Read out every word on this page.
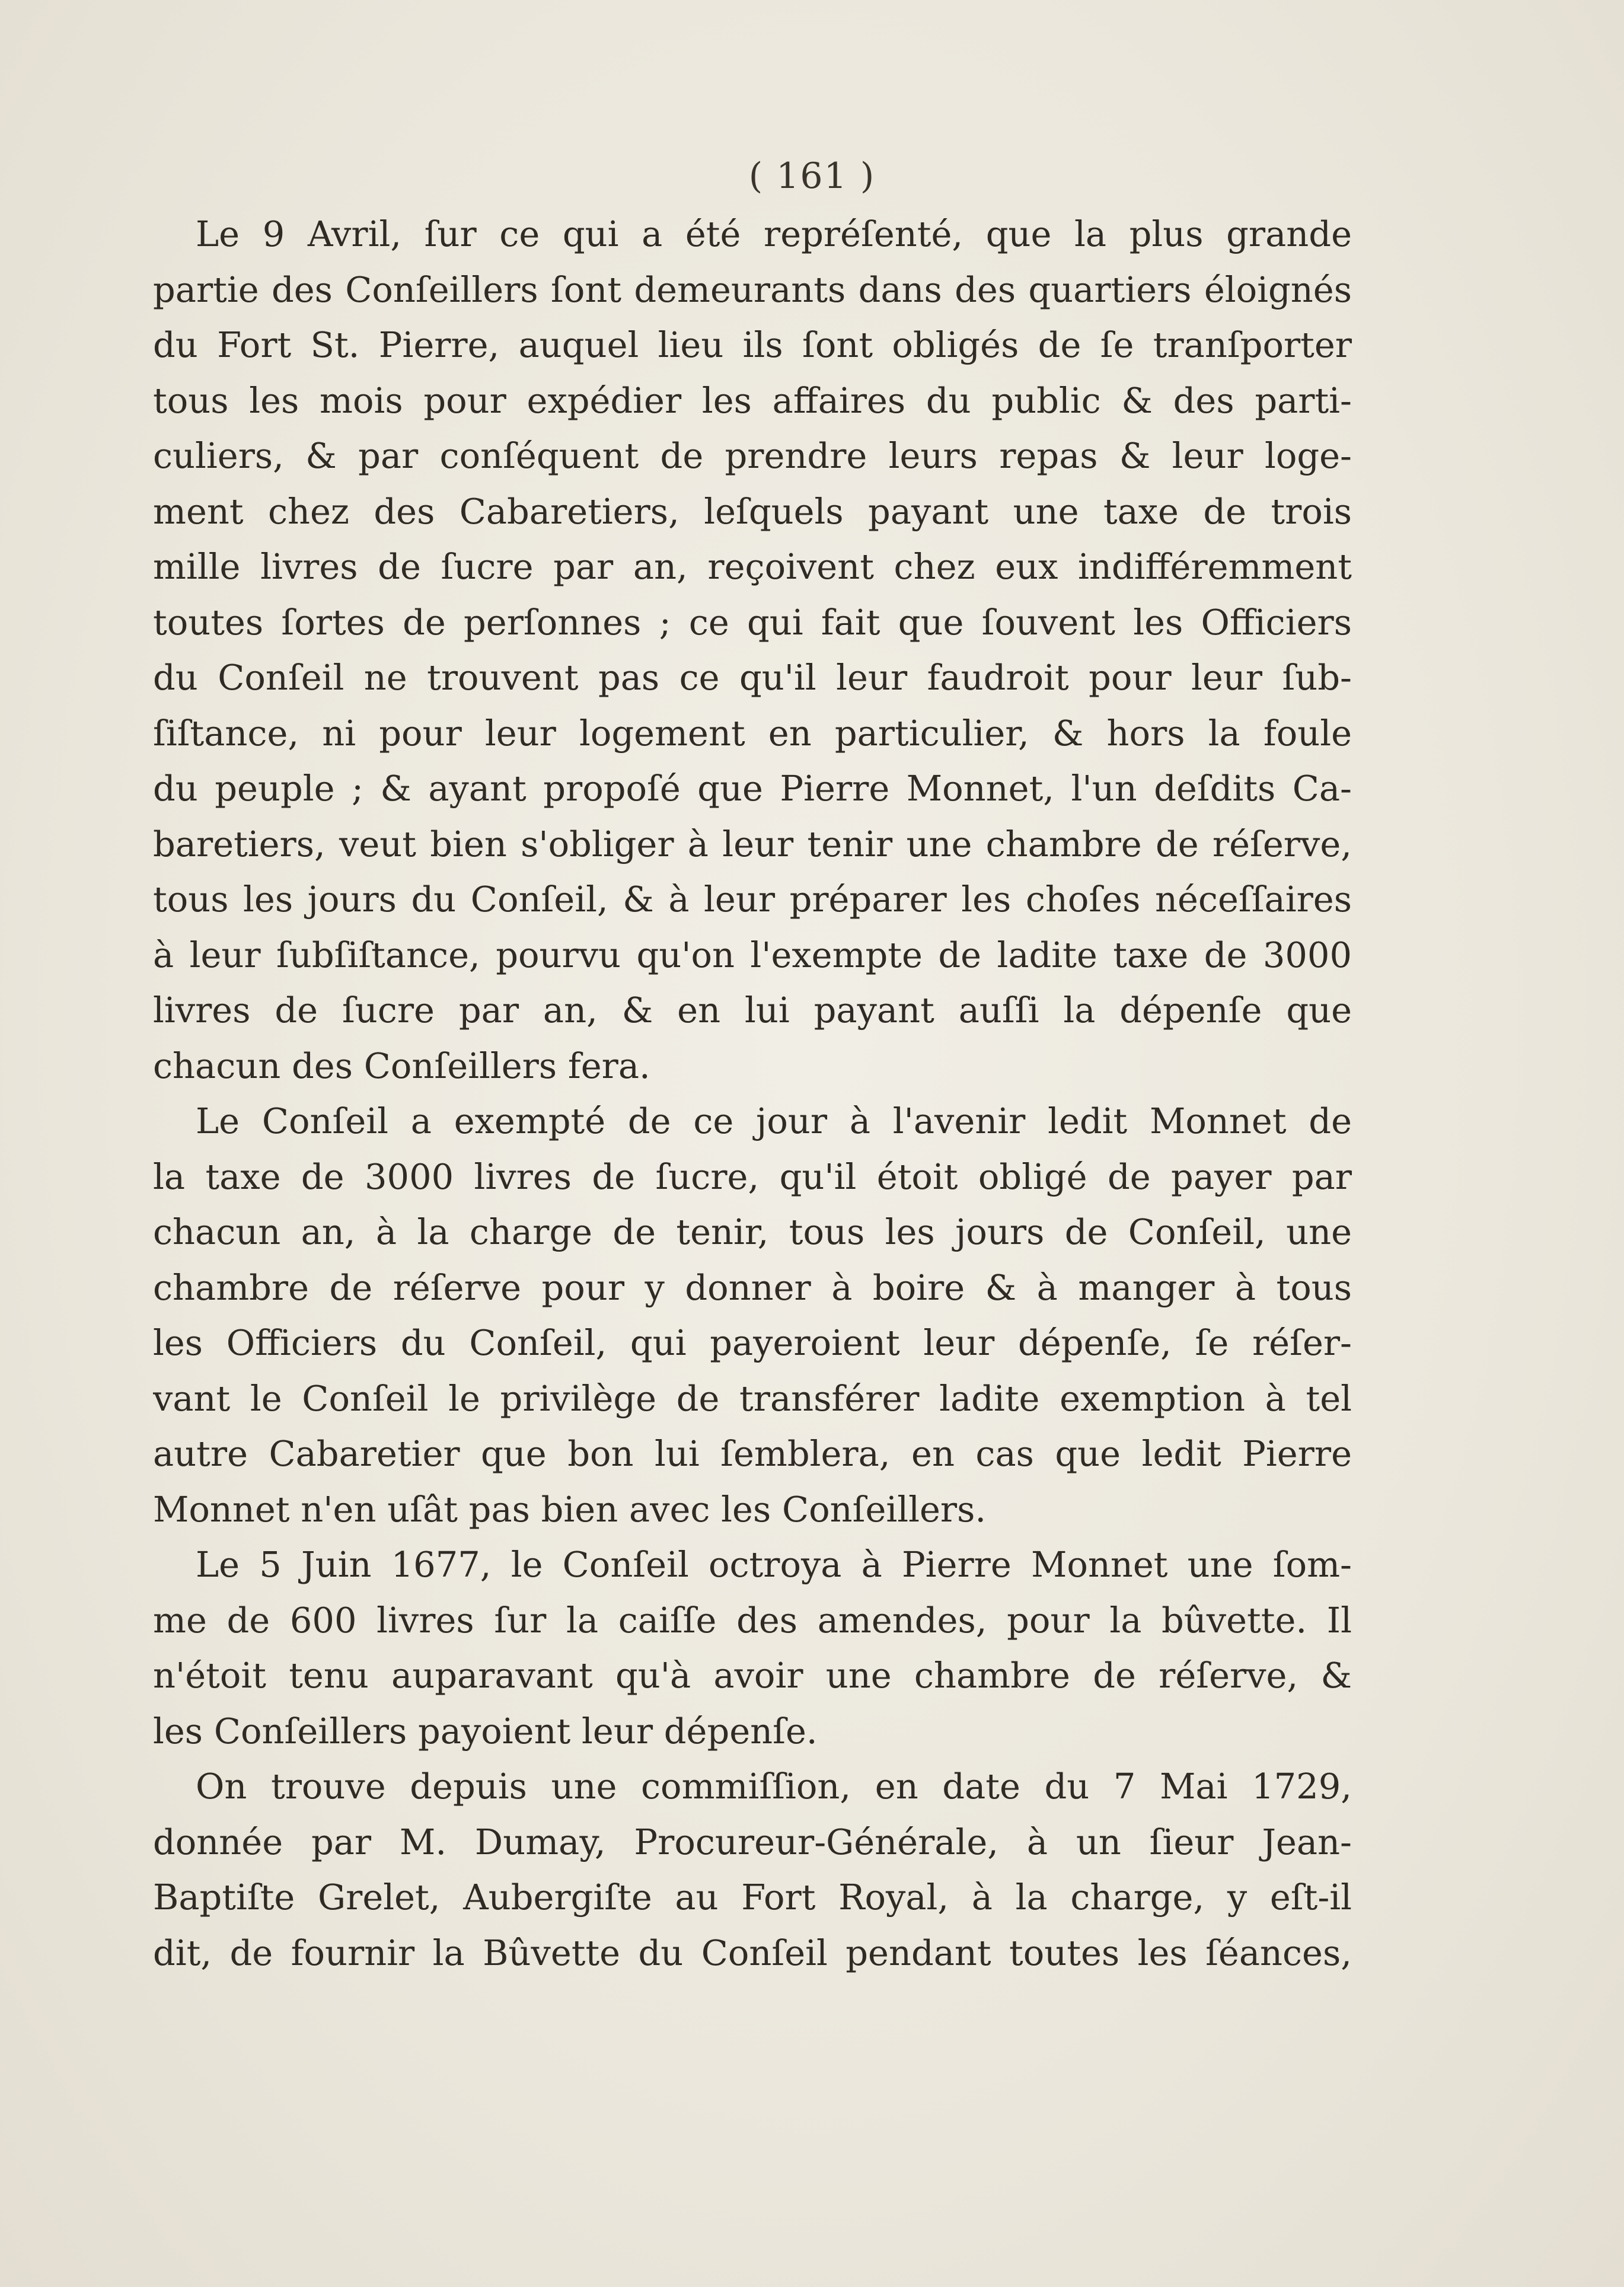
( 161 )
Le 9 Avril, ſur ce qui a été repréſenté, que la plus grande
partie des Conſeillers ſont demeurants dans des quartiers éloignés
du Fort St. Pierre, auquel lieu ils ſont obligés de ſe tranſporter
tous les mois pour expédier les affaires du public & des parti-
culiers, & par conſéquent de prendre leurs repas & leur loge-
ment chez des Cabaretiers, leſquels payant une taxe de trois
mille livres de ſucre par an, reçoivent chez eux indifféremment
toutes ſortes de perſonnes ; ce qui fait que ſouvent les Officiers
du Conſeil ne trouvent pas ce qu'il leur faudroit pour leur ſub-
ſiſtance, ni pour leur logement en particulier, & hors la foule
du peuple ; & ayant propoſé que Pierre Monnet, l'un deſdits Ca-
baretiers, veut bien s'obliger à leur tenir une chambre de réſerve,
tous les jours du Conſeil, & à leur préparer les choſes néceſſaires
à leur ſubſiſtance, pourvu qu'on l'exempte de ladite taxe de 3000
livres de ſucre par an, & en lui payant auſſi la dépenſe que
chacun des Conſeillers fera.
Le Conſeil a exempté de ce jour à l'avenir ledit Monnet de
la taxe de 3000 livres de ſucre, qu'il étoit obligé de payer par
chacun an, à la charge de tenir, tous les jours de Conſeil, une
chambre de réſerve pour y donner à boire & à manger à tous
les Officiers du Conſeil, qui payeroient leur dépenſe, ſe réſer-
vant le Conſeil le privilège de transférer ladite exemption à tel
autre Cabaretier que bon lui ſemblera, en cas que ledit Pierre
Monnet n'en uſât pas bien avec les Conſeillers.
Le 5 Juin 1677, le Conſeil octroya à Pierre Monnet une ſom-
me de 600 livres ſur la caiſſe des amendes, pour la bûvette. Il
n'étoit tenu auparavant qu'à avoir une chambre de réſerve, &
les Conſeillers payoient leur dépenſe.
On trouve depuis une commiſſion, en date du 7 Mai 1729,
donnée par M. Dumay, Procureur-Générale, à un ſieur Jean-
Baptiſte Grelet, Aubergiſte au Fort Royal, à la charge, y eſt-il
dit, de fournir la Bûvette du Conſeil pendant toutes les ſéances,
